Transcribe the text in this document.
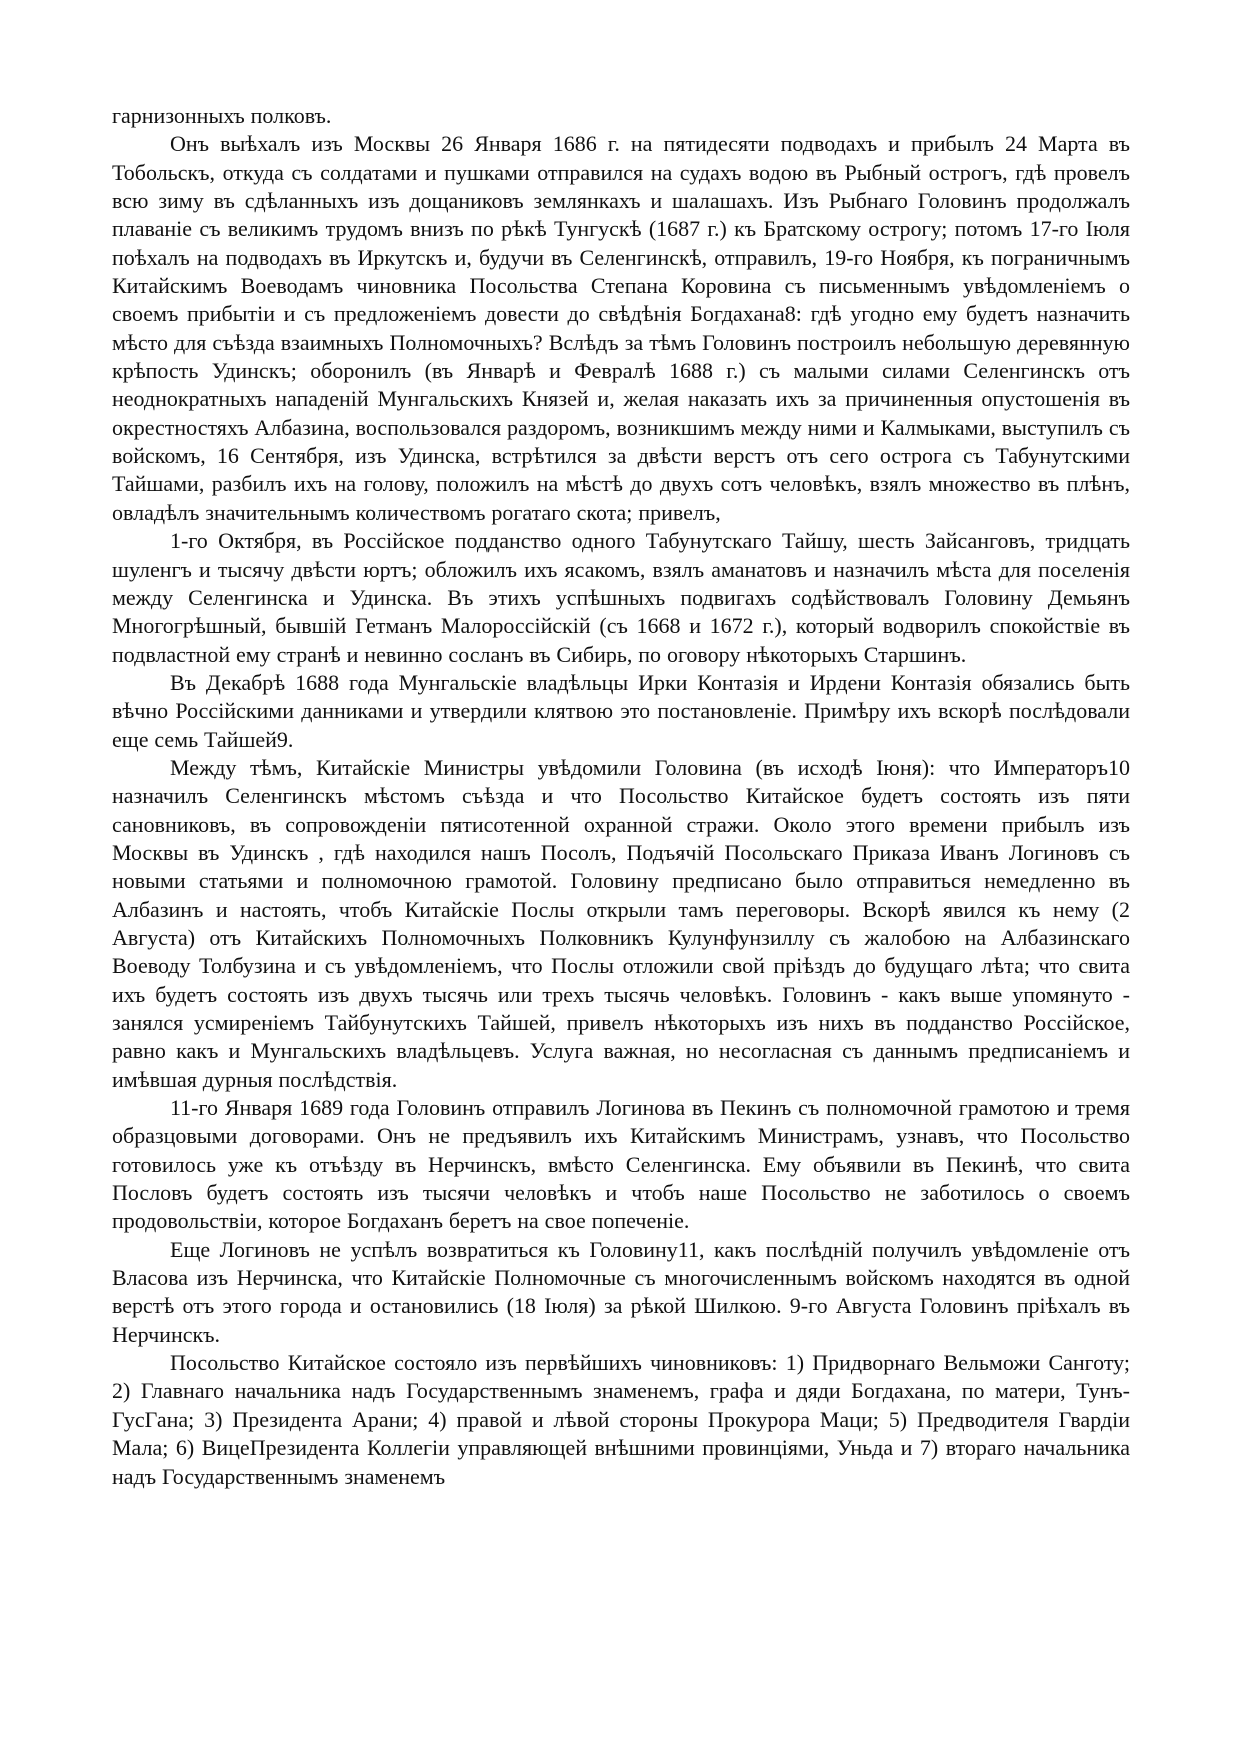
гарнизонныхъ полковъ.

Онъ выѣхалъ изъ Москвы 26 Января 1686 г. на пятидесяти подводахъ и прибылъ 24 Марта въ Тобольскъ, откуда съ солдатами и пушками отправился на судахъ водою въ Рыбный острогъ, гдѣ провелъ всю зиму въ сдѣланныхъ изъ дощаниковъ землянкахъ и шалашахъ. Изъ Рыбнаго Головинъ продолжалъ плаванiе съ великимъ трудомъ внизъ по рѣкѣ Тунгускѣ (1687 г.) къ Братскому острогу; потомъ 17-го Iюля поѣхалъ на подводахъ въ Иркутскъ и, будучи въ Селенгинскѣ, отправилъ, 19-го Ноября, къ пограничнымъ Китайскимъ Воеводамъ чиновника Посольства Степана Коровина съ письменнымъ увѣдомленiемъ о своемъ прибытiи и съ предложенiемъ довести до свѣдѣнiя Богдахана8: гдѣ угодно ему будетъ назначить мѣсто для съѣзда взаимныхъ Полномочныхъ? Вслѣдъ за тѣмъ Головинъ построилъ небольшую деревянную крѣпость Удинскъ; оборонилъ (въ Январѣ и Февралѣ 1688 г.) съ малыми силами Селенгинскъ отъ неоднократныхъ нападенiй Мунгальскихъ Князей и, желая наказать ихъ за причиненныя опустошенiя въ окрестностяхъ Албазина, воспользовался раздоромъ, возникшимъ между ними и Калмыками, выступилъ съ войскомъ, 16 Сентября, изъ Удинска, встрѣтился за двѣсти верстъ отъ сего острога съ Табунутскими Тайшами, разбилъ ихъ на голову, положилъ на мѣстѣ до двухъ сотъ человѣкъ, взялъ множество въ плѣнъ, овладѣлъ значительнымъ количествомъ рогатаго скота; привелъ,

1-го Октября, въ Россiйское подданство одного Табунутскаго Тайшу, шесть Зайсанговъ, тридцать шуленгъ и тысячу двѣсти юртъ; обложилъ ихъ ясакомъ, взялъ аманатовъ и назначилъ мѣста для поселенiя между Селенгинска и Удинска. Въ этихъ успѣшныхъ подвигахъ содѣйствовалъ Головину Демьянъ Многогрѣшный, бывшiй Гетманъ Малороссiйскiй (съ 1668 и 1672 г.), который водворилъ спокойствiе въ подвластной ему странѣ и невинно сосланъ въ Сибирь, по оговору нѣкоторыхъ Старшинъ.

Въ Декабрѣ 1688 года Мунгальскiе владѣльцы Ирки Контазiя и Ирдени Контазiя обязались быть вѣчно Россiйскими данниками и утвердили клятвою это постановленiе. Примѣру ихъ вскорѣ послѣдовали еще семь Тайшей9.

Между тѣмъ, Китайскiе Министры увѣдомили Головина (въ исходѣ Iюня): что Императоръ10 назначилъ Селенгинскъ мѣстомъ съѣзда и что Посольство Китайское будетъ состоять изъ пяти сановниковъ, въ сопровожденiи пятисотенной охранной стражи. Около этого времени прибылъ изъ Москвы въ Удинскъ , гдѣ находился нашъ Посолъ, Подъячiй Посольскаго Приказа Иванъ Логиновъ съ новыми статьями и полномочною грамотой. Головину предписано было отправиться немедленно въ Албазинъ и настоять, чтобъ Китайскiе Послы открыли тамъ переговоры. Вскорѣ явился къ нему (2 Августа) отъ Китайскихъ Полномочныхъ Полковникъ Кулунфунзиллу съ жалобою на Албазинскаго Воеводу Толбузина и съ увѣдомленiемъ, что Послы отложили свой прiѣздъ до будущаго лѣта; что свита ихъ будетъ состоять изъ двухъ тысячь или трехъ тысячь человѣкъ. Головинъ - какъ выше упомянуто - занялся усмиренiемъ Тайбунутскихъ Тайшей, привелъ нѣкоторыхъ изъ нихъ въ подданство Россiйское, равно какъ и Мунгальскихъ владѣльцевъ. Услуга важная, но несогласная съ даннымъ предписанiемъ и имѣвшая дурныя послѣдствiя.

11-го Января 1689 года Головинъ отправилъ Логинова въ Пекинъ съ полномочной грамотою и тремя образцовыми договорами. Онъ не предъявилъ ихъ Китайскимъ Министрамъ, узнавъ, что Посольство готовилось уже къ отъѣзду въ Нерчинскъ, вмѣсто Селенгинска. Ему объявили въ Пекинѣ, что свита Пословъ будетъ состоять изъ тысячи человѣкъ и чтобъ наше Посольство не заботилось о своемъ продовольствiи, которое Богдаханъ беретъ на свое попеченiе.

Еще Логиновъ не успѣлъ возвратиться къ Головину11, какъ послѣднiй получилъ увѣдомленiе отъ Власова изъ Нерчинска, что Китайскiе Полномочные съ многочисленнымъ войскомъ находятся въ одной верстѣ отъ этого города и остановились (18 Iюля) за рѣкой Шилкою. 9-го Августа Головинъ прiѣхалъ въ Нерчинскъ.

Посольство Китайское состояло изъ первѣйшихъ чиновниковъ: 1) Придворнаго Вельможи Санготу; 2) Главнаго начальника надъ Государственнымъ знаменемъ, графа и дяди Богдахана, по матери, Тунъ-ГусГана; 3) Президента Арани; 4) правой и лѣвой стороны Прокурора Маци; 5) Предводителя Гвардiи Мала; 6) ВицеПрезидента Коллегiи управляющей внѣшними провинцiями, Уньда и 7) втораго начальника надъ Государственнымъ знаменемъ
